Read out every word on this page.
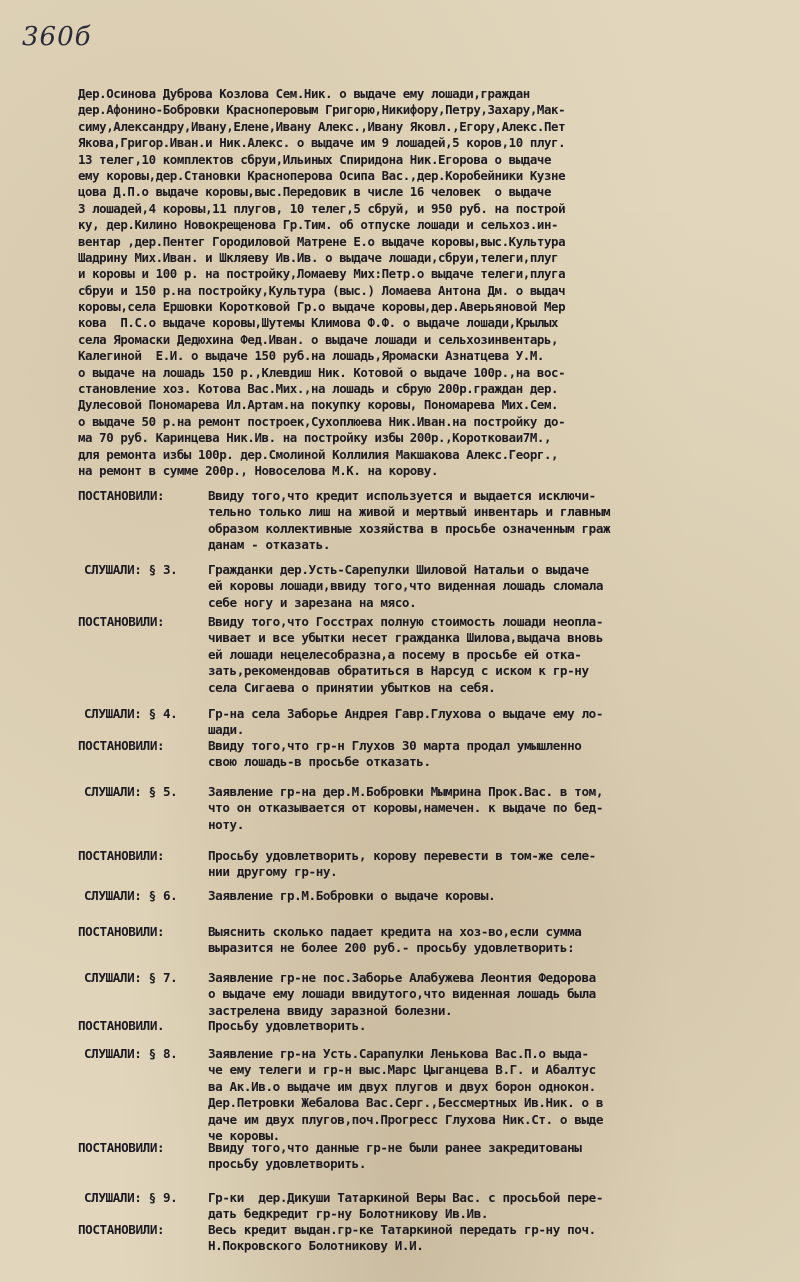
360б
Дер.Осинова Дуброва Козлова Сем.Ник. о выдаче ему лошади,граждан
дер.Афонино-Бобровки Красноперовым Григорю,Никифору,Петру,Захару,Мак-
симу,Александру,Ивану,Елене,Ивану Алекс.,Ивану Яковл.,Егору,Алекс.Пет
Якова,Григор.Иван.и Ник.Алекс. о выдаче им 9 лошадей,5 коров,10 плуг.
13 телег,10 комплектов сбруи,Ильиных Спиридона Ник.Егорова о выдаче
ему коровы,дер.Становки Красноперова Осипа Вас.,дер.Коробейники Кузне
цова Д.П.о выдаче коровы,выс.Передовик в числе 16 человек  о выдаче
3 лошадей,4 коровы,11 плугов, 10 телег,5 сбруй, и 950 руб. на построй
ку, дер.Килино Новокрещенова Гр.Тим. об отпуске лошади и сельхоз.ин-
вентар ,дер.Пентег Городиловой Матрене Е.о выдаче коровы,выс.Культура
Шадрину Мих.Иван. и Шкляеву Ив.Ив. о выдаче лошади,сбруи,телеги,плуг
и коровы и 100 р. на постройку,Ломаеву Мих:Петр.о выдаче телеги,плуга
сбруи и 150 р.на постройку,Культура (выс.) Ломаева Антона Дм. о выдач
коровы,села Ершовки Коротковой Гр.о выдаче коровы,дер.Аверьяновой Мер
кова  П.С.о выдаче коровы,Шутемы Климова Ф.Ф. о выдаче лошади,Крылых
села Яромаски Дедюхина Фед.Иван. о выдаче лошади и сельхозинвентарь,
Калегиной  Е.И. о выдаче 150 руб.на лошадь,Яромаски Азнатцева У.М.
о выдаче на лошадь 150 р.,Клевдиш Ник. Котовой о выдаче 100р.,на вос-
становление хоз. Котова Вас.Мих.,на лошадь и сбрую 200р.граждан дер.
Дулесовой Пономарева Ил.Артам.на покупку коровы, Пономарева Мих.Сем.
о выдаче 50 р.на ремонт построек,Сухоплюева Ник.Иван.на постройку до-
ма 70 руб. Каринцева Ник.Ив. на постройку избы 200р.,Коротковаи7М.,
для ремонта избы 100р. дер.Смолиной Коллилия Макшакова Алекс.Георг.,
на ремонт в сумме 200р., Новоселова М.К. на корову.
ПОСТАНОВИЛИ:	Ввиду того,что кредит используется и выдается исключи-
тельно только лиш на живой и мертвый инвентарь и главным
образом коллективные хозяйства в просьбе означенным граж
данам - отказать.
СЛУШАЛИ: § 3. Гражданки дер.Усть-Сарепулки Шиловой Натальи о выдаче
ей коровы лошади,ввиду того,что виденная лошадь сломала
себе ногу и зарезана на мясо.
ПОСТАНОВИЛИ:	Ввиду того,что Госстрах полную стоимость лошади неопла-
чивает и все убытки несет гражданка Шилова,выдача вновь
ей лошади нецелесобразна,а посему в просьбе ей отка-
зать,рекомендовав обратиться в Нарсуд с иском к гр-ну
села Сигаева о принятии убытков на себя.
СЛУШАЛИ: § 4. Гр-на села Заборье Андрея Гавр.Глухова о выдаче ему ло-
шади.
ПОСТАНОВИЛИ:	Ввиду того,что гр-н Глухов 30 марта продал умышленно
свою лошадь-в просьбе отказать.
СЛУШАЛИ: § 5. Заявление гр-на дер.М.Бобровки Мымрина Прок.Вас. в том,
что он отказывается от коровы,намечен. к выдаче по бед-
ноту.
ПОСТАНОВИЛИ:	Просьбу удовлетворить, корову перевести в том-же селе-
нии другому гр-ну.
СЛУШАЛИ: § 6. Заявление гр.М.Бобровки о выдаче коровы.
ПОСТАНОВИЛИ:	Выяснить сколько падает кредита на хоз-во,если сумма
выразится не более 200 руб.- просьбу удовлетворить:
СЛУШАЛИ: § 7. Заявление гр-не пос.Заборье Алабужева Леонтия Федорова
о выдаче ему лошади ввидутого,что виденная лошадь была
застрелена ввиду заразной болезни.
ПОСТАНОВИЛИ.	Просьбу удовлетворить.
СЛУШАЛИ: § 8. Заявление гр-на Усть.Сарапулки Ленькова Вас.П.о выда-
че ему телеги и гр-н выс.Марс Цыганцева В.Г. и Абалтус
ва Ак.Ив.о выдаче им двух плугов и двух борон однокон.
Дер.Петровки Жебалова Вас.Серг.,Бессмертных Ив.Ник. о в
даче им двух плугов,поч.Прогресс Глухова Ник.Ст. о выде
че коровы.
ПОСТАНОВИЛИ:	Ввиду того,что данные гр-не были ранее закредитованы
просьбу удовлетворить.
СЛУШАЛИ: § 9. Гр-ки  дер.Дикуши Татаркиной Веры Вас. с просьбой пере-
дать бедкредит гр-ну Болотникову Ив.Ив.
ПОСТАНОВИЛИ:	Весь кредит выдан.гр-ке Татаркиной передать гр-ну поч.
Н.Покровского Болотникову И.И.
